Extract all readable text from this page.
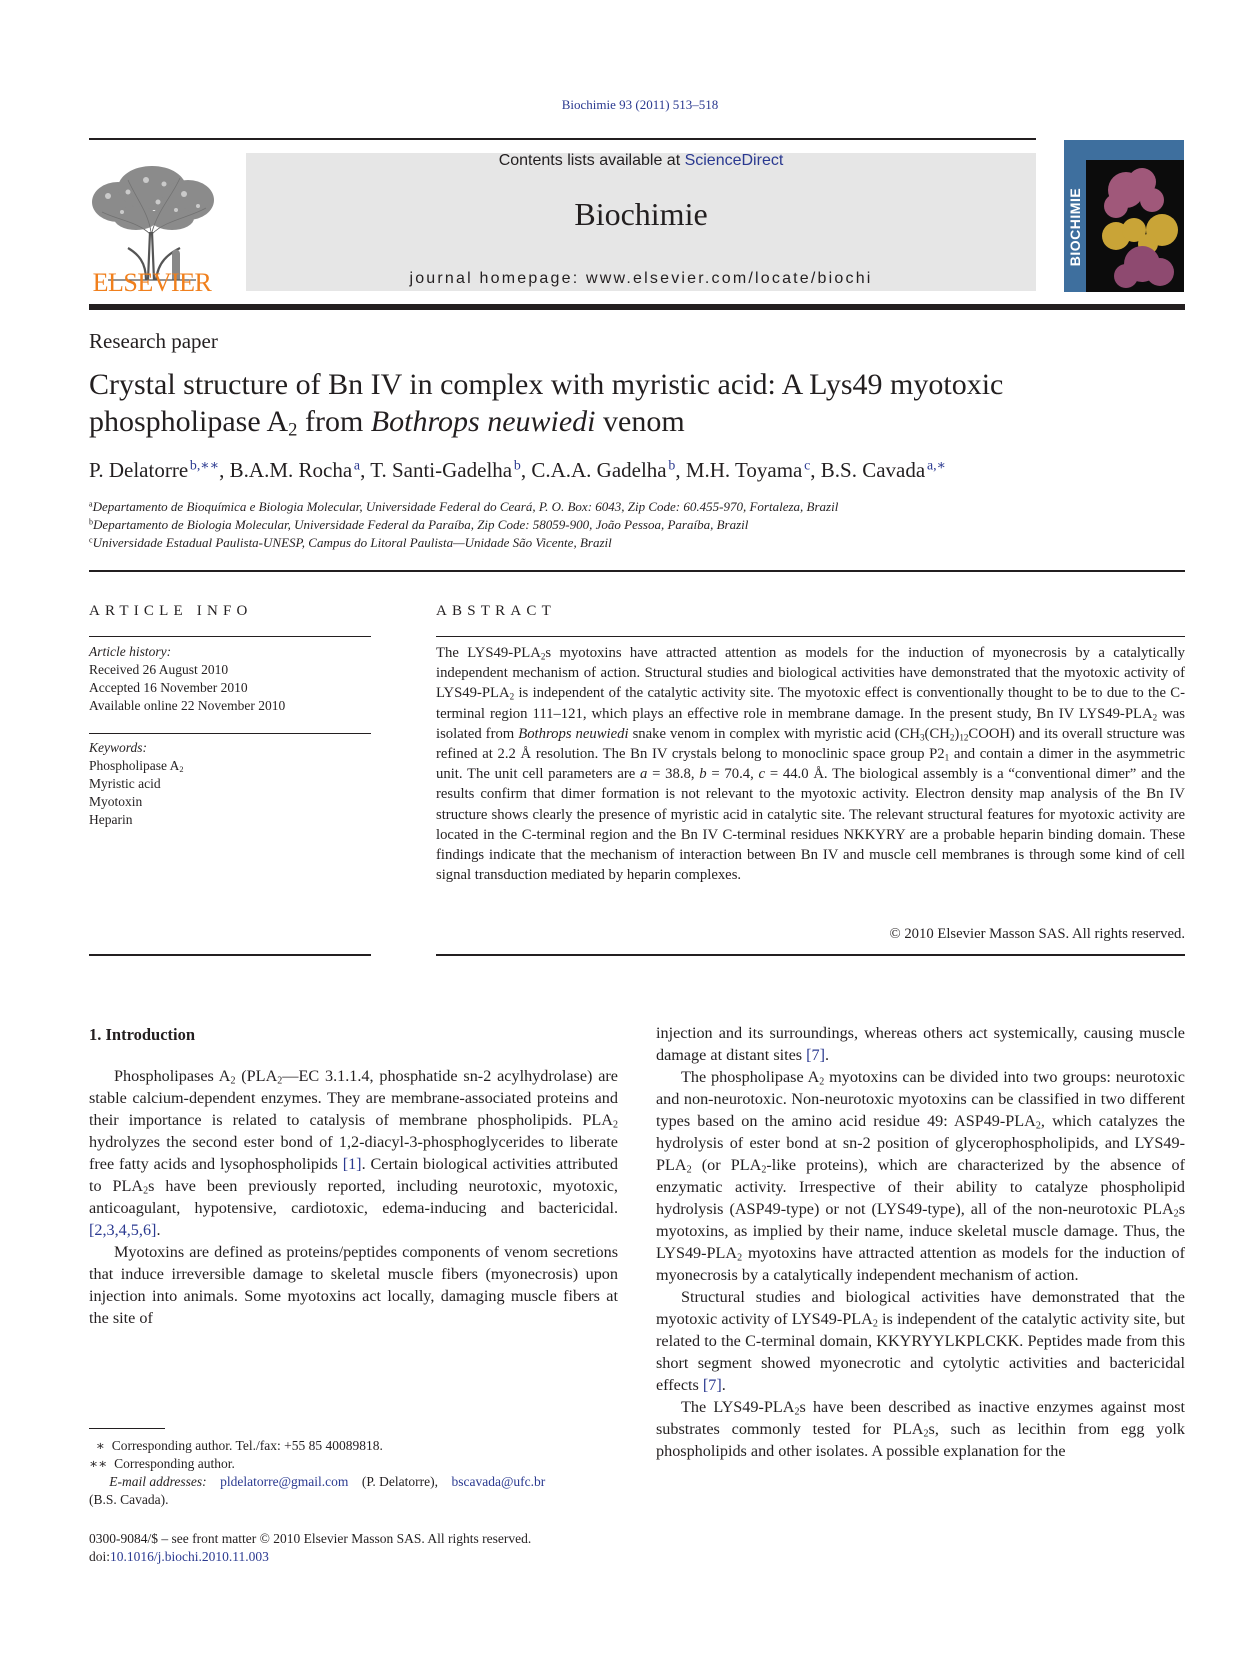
Biochimie 93 (2011) 513–518
ELSEVIER
Contents lists available at ScienceDirect
Biochimie
journal homepage: www.elsevier.com/locate/biochi
BIOCHIMIE
Research paper
Crystal structure of Bn IV in complex with myristic acid: A Lys49 myotoxic
phospholipase $A_2$ from Bothrops neuwiedi venom
P. Delatorre  $^{b,∗∗}$, B.A.M. Rocha  $^a$, T. Santi-Gadelha  $^b$, C.A.A. Gadelha  $^b$, M.H. Toyama  $^c$, B.S. Cavada  $^{a,∗}$
$^a$Departamento de Bioquímica e Biologia Molecular, Universidade Federal do Ceará, P. O. Box: 6043, Zip Code: 60.455-970, Fortaleza, Brazil
$^b$Departamento de Biologia Molecular, Universidade Federal da Paraíba, Zip Code: 58059-900, João Pessoa, Paraíba, Brazil
$^c$Universidade Estadual Paulista-UNESP, Campus do Litoral Paulista—Unidade São Vicente, Brazil
ARTICLE INFO
Article history:
Received 26 August 2010
Accepted 16 November 2010
Available online 22 November 2010
Keywords:
Phospholipase $A_2$
Myristic acid
Myotoxin
Heparin
ABSTRACT
The $LYS49-PLA_2s$ myotoxins have attracted attention as models for the induction of myonecrosis by a catalytically independent mechanism of action. Structural studies and biological activities have demonstrated that the myotoxic activity of $LYS49-PLA_2$ is independent of the catalytic activity site. The myotoxic effect is conventionally thought to be to due to the C-terminal region 111–121, which plays an effective role in membrane damage. In the present study, Bn IV $LYS49-PLA_2$ was isolated from Bothrops neuwiedi snake venom in complex with myristic acid $(CH_3(CH_2)_{12}COOH)$ and its overall structure was refined at 2.2 Å resolution. The Bn IV crystals belong to monoclinic space group $P2_1$ and contain a dimer in the asymmetric unit. The unit cell parameters are a = 38.8, b = 70.4, c = 44.0 Å. The biological assembly is a “conventional dimer” and the results confirm that dimer formation is not relevant to the myotoxic activity. Electron density map analysis of the Bn IV structure shows clearly the presence of myristic acid in catalytic site. The relevant structural features for myotoxic activity are located in the C-terminal region and the Bn IV C-terminal residues NKKYRY are a probable heparin binding domain. These findings indicate that the mechanism of interaction between Bn IV and muscle cell membranes is through some kind of cell signal transduction mediated by heparin complexes.
© 2010 Elsevier Masson SAS. All rights reserved.
1. Introduction

Phospholipases $A_2$ ($PLA_2—EC$ 3.1.1.4, phosphatide sn-2 acylhydrolase) are stable calcium-dependent enzymes. They are membrane-associated proteins and their importance is related to catalysis of membrane phospholipids. $PLA_2$ hydrolyzes the second ester bond of 1,2-diacyl-3-phosphoglycerides to liberate free fatty acids and lysophospholipids [1]. Certain biological activities attributed to $PLA_2s$ have been previously reported, including neurotoxic, myotoxic, anticoagulant, hypotensive, cardiotoxic, edema-inducing and bactericidal. [2,3,4,5,6].

Myotoxins are defined as proteins/peptides components of venom secretions that induce irreversible damage to skeletal muscle fibers (myonecrosis) upon injection into animals. Some myotoxins act locally, damaging muscle fibers at the site of

injection and its surroundings, whereas others act systemically, causing muscle damage at distant sites [7].

The phospholipase $A_2$ myotoxins can be divided into two groups: neurotoxic and non-neurotoxic. Non-neurotoxic myotoxins can be classified in two different types based on the amino acid residue 49: $ASP49-PLA_2$, which catalyzes the hydrolysis of ester bond at sn-2 position of glycerophospholipids, and $LYS49-PLA_2$ (or $PLA_2$-like proteins), which are characterized by the absence of enzymatic activity. Irrespective of their ability to catalyze phospholipid hydrolysis (ASP49-type) or not (LYS49-type), all of the non-neurotoxic $PLA_2s$ myotoxins, as implied by their name, induce skeletal muscle damage. Thus, the $LYS49-PLA_2$ myotoxins have attracted attention as models for the induction of myonecrosis by a catalytically independent mechanism of action.

Structural studies and biological activities have demonstrated that the myotoxic activity of $LYS49-PLA_2$ is independent of the catalytic activity site, but related to the C-terminal domain, KKYRYYLKPLCKK. Peptides made from this short segment showed myonecrotic and cytolytic activities and bactericidal effects [7].

The $LYS49-PLA_2s$ have been described as inactive enzymes against most substrates commonly tested for $PLA_2s$, such as lecithin from egg yolk phospholipids and other isolates. A possible explanation for the

∗ Corresponding author. Tel./fax: +55 85 40089818.
∗∗ Corresponding author.
E-mail addresses: pldelatorre@gmail.com    (P. Delatorre),    bscavada@ufc.br
(B.S. Cavada).
0300-9084/$ – see front matter © 2010 Elsevier Masson SAS. All rights reserved.
doi:10.1016/j.biochi.2010.11.003
